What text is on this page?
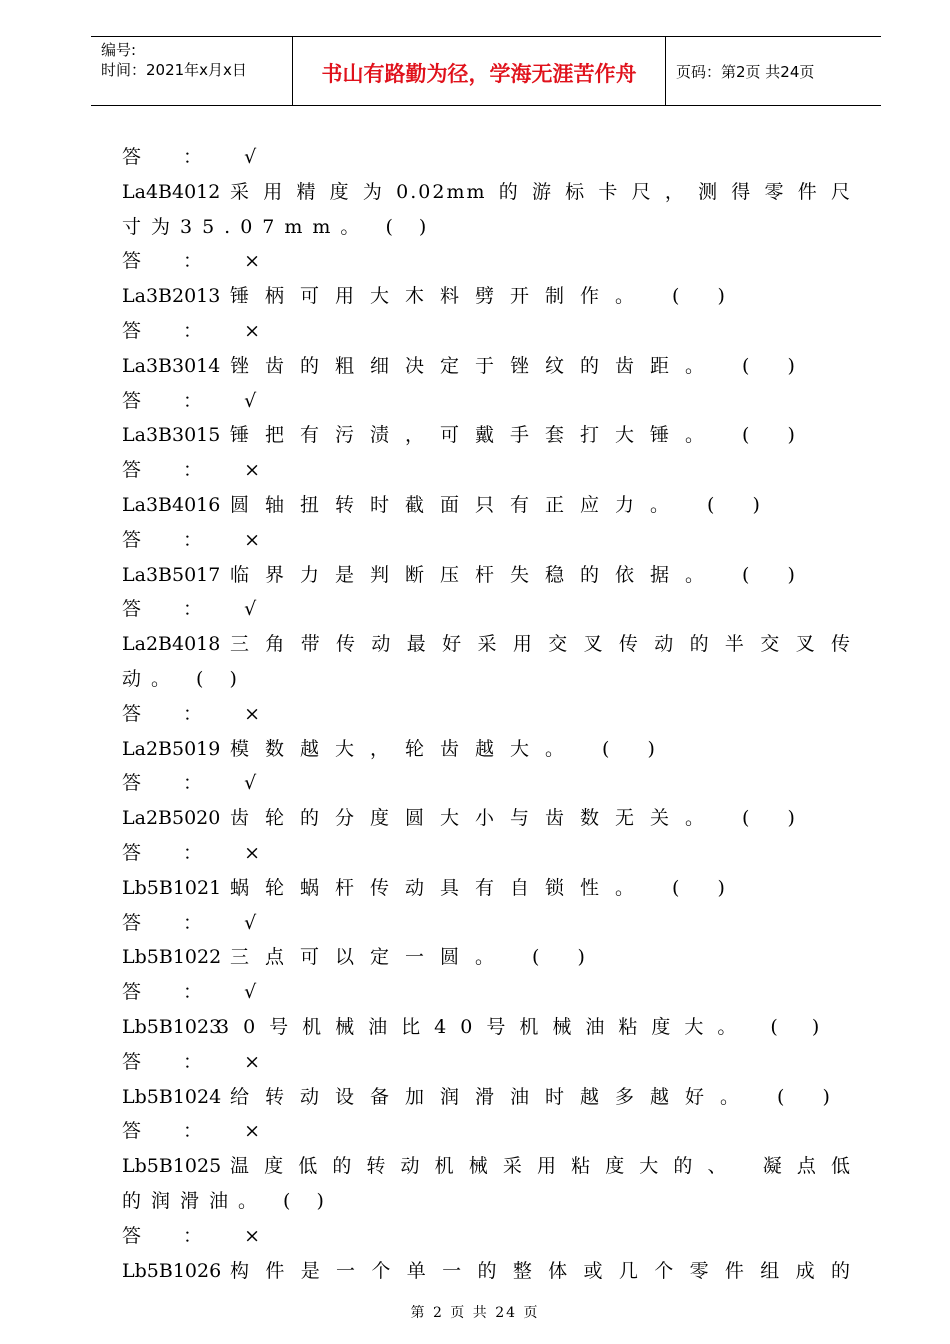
编号:
时间：2021年x月x日	书山有路勤为径，学海无涯苦作舟	页码：第2页 共24页
答 ： √
La4B4012 采用精度为0.02mm的游标卡尺，测得零件尺
寸为35.07mm。 ( )
答 ： ×
La3B2013 锤柄可用大木料劈开制作。 ( )
答 ： ×
La3B3014 锉齿的粗细决定于锉纹的齿距。 ( )
答 ： √
La3B3015 锤把有污渍，可戴手套打大锤。 ( )
答 ： ×
La3B4016 圆轴扭转时截面只有正应力。 ( )
答 ： ×
La3B5017 临界力是判断压杆失稳的依据。 ( )
答 ： √
La2B4018 三角带传动最好采用交叉传动的半交叉传
动。 ( )
答 ： ×
La2B5019 模数越大，轮齿越大。 ( )
答 ： √
La2B5020 齿轮的分度圆大小与齿数无关。 ( )
答 ： ×
Lb5B1021 蜗轮蜗杆传动具有自锁性。 ( )
答 ： √
Lb5B1022 三点可以定一圆。 ( )
答 ： √
Lb5B1023
30号机械油比40号机械油粘度大。 ( )
答 ： ×
Lb5B1024 给转动设备加润滑油时越多越好。 ( )
答 ： ×
Lb5B1025 温度低的转动机械采用粘度大的、 凝点低
的润滑油。 ( )
答 ： ×
Lb5B1026 构件是一个单一的整体或几个零件组成的
第 2 页 共 24 页
